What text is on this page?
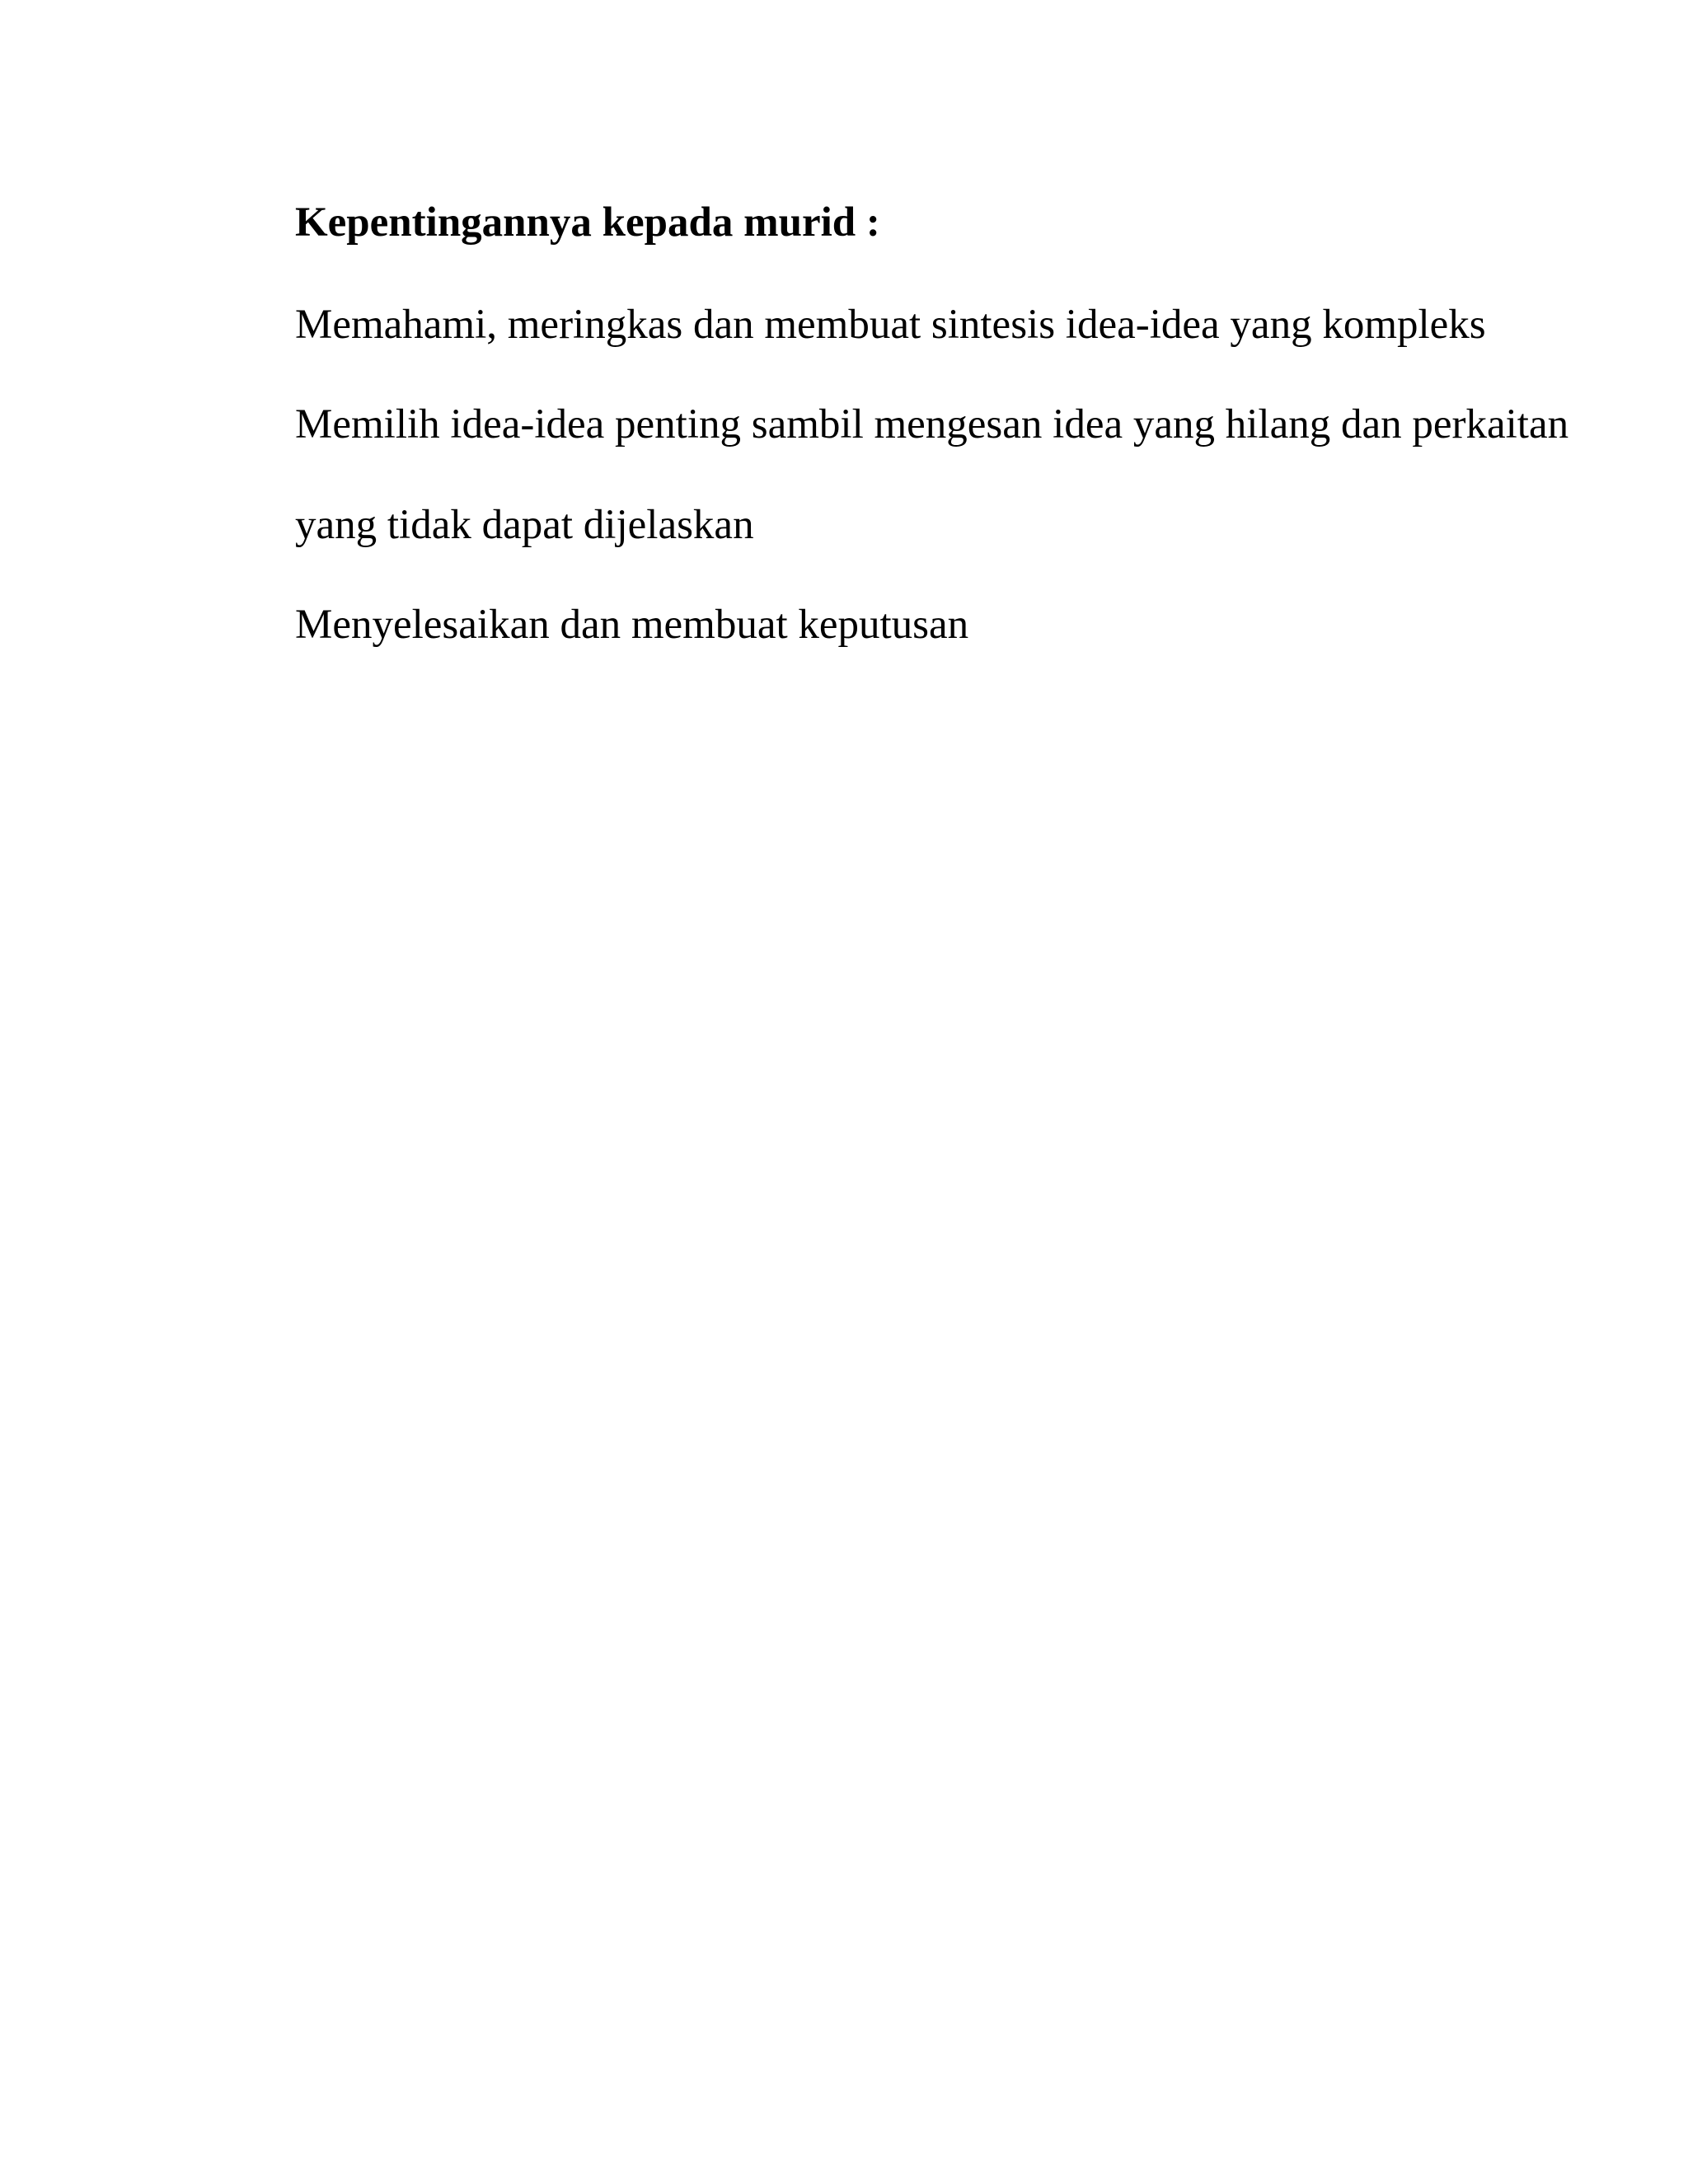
Kepentingannya kepada murid :
Memahami, meringkas dan membuat sintesis idea-idea yang kompleks
Memilih idea-idea penting sambil mengesan idea yang hilang dan perkaitan
yang tidak dapat dijelaskan
Menyelesaikan dan membuat keputusan
